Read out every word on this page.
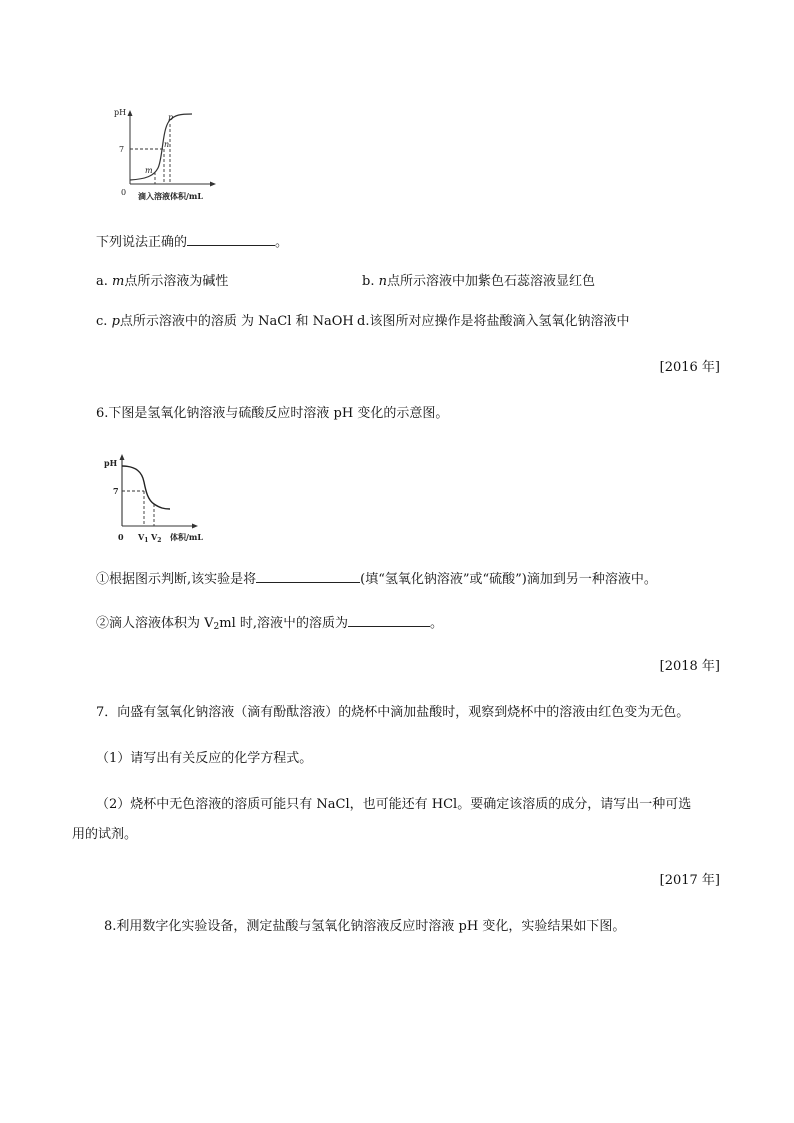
pH
7
0
m
n
p
滴入溶液体积/mL
下列说法正确的	。
a. m点所示溶液为碱性	b. n点所示溶液中加紫色石蕊溶液显红色
c. p点所示溶液中的溶质 为 NaCl 和 NaOH d.该图所对应操作是将盐酸滴入氢氧化钠溶液中
[2016 年]
6.下图是氢氧化钠溶液与硫酸反应时溶液 pH 变化的示意图。
pH
7
0 $V_1$ $V_2$ 体积/mL
①根据图示判断,该实验是将	(填“氢氧化钠溶液”或“硫酸”)滴加到另一种溶液中。
②滴人溶液体积为 $V_2ml$ 时,溶液屮的溶质为	。
[2018 年]
7．向盛有氢氧化钠溶液（滴有酚酞溶液）的烧杯中滴加盐酸时，观察到烧杯中的溶液由红色变为无色。
（1）请写出有关反应的化学方程式。
（2）烧杯中无色溶液的溶质可能只有 NaCl，也可能还有 HCl。要确定该溶质的成分，请写出一种可选
用的试剂。
[2017 年]
8.利用数字化实验设备，测定盐酸与氢氧化钠溶液反应时溶液 pH 变化，实验结果如下图。
